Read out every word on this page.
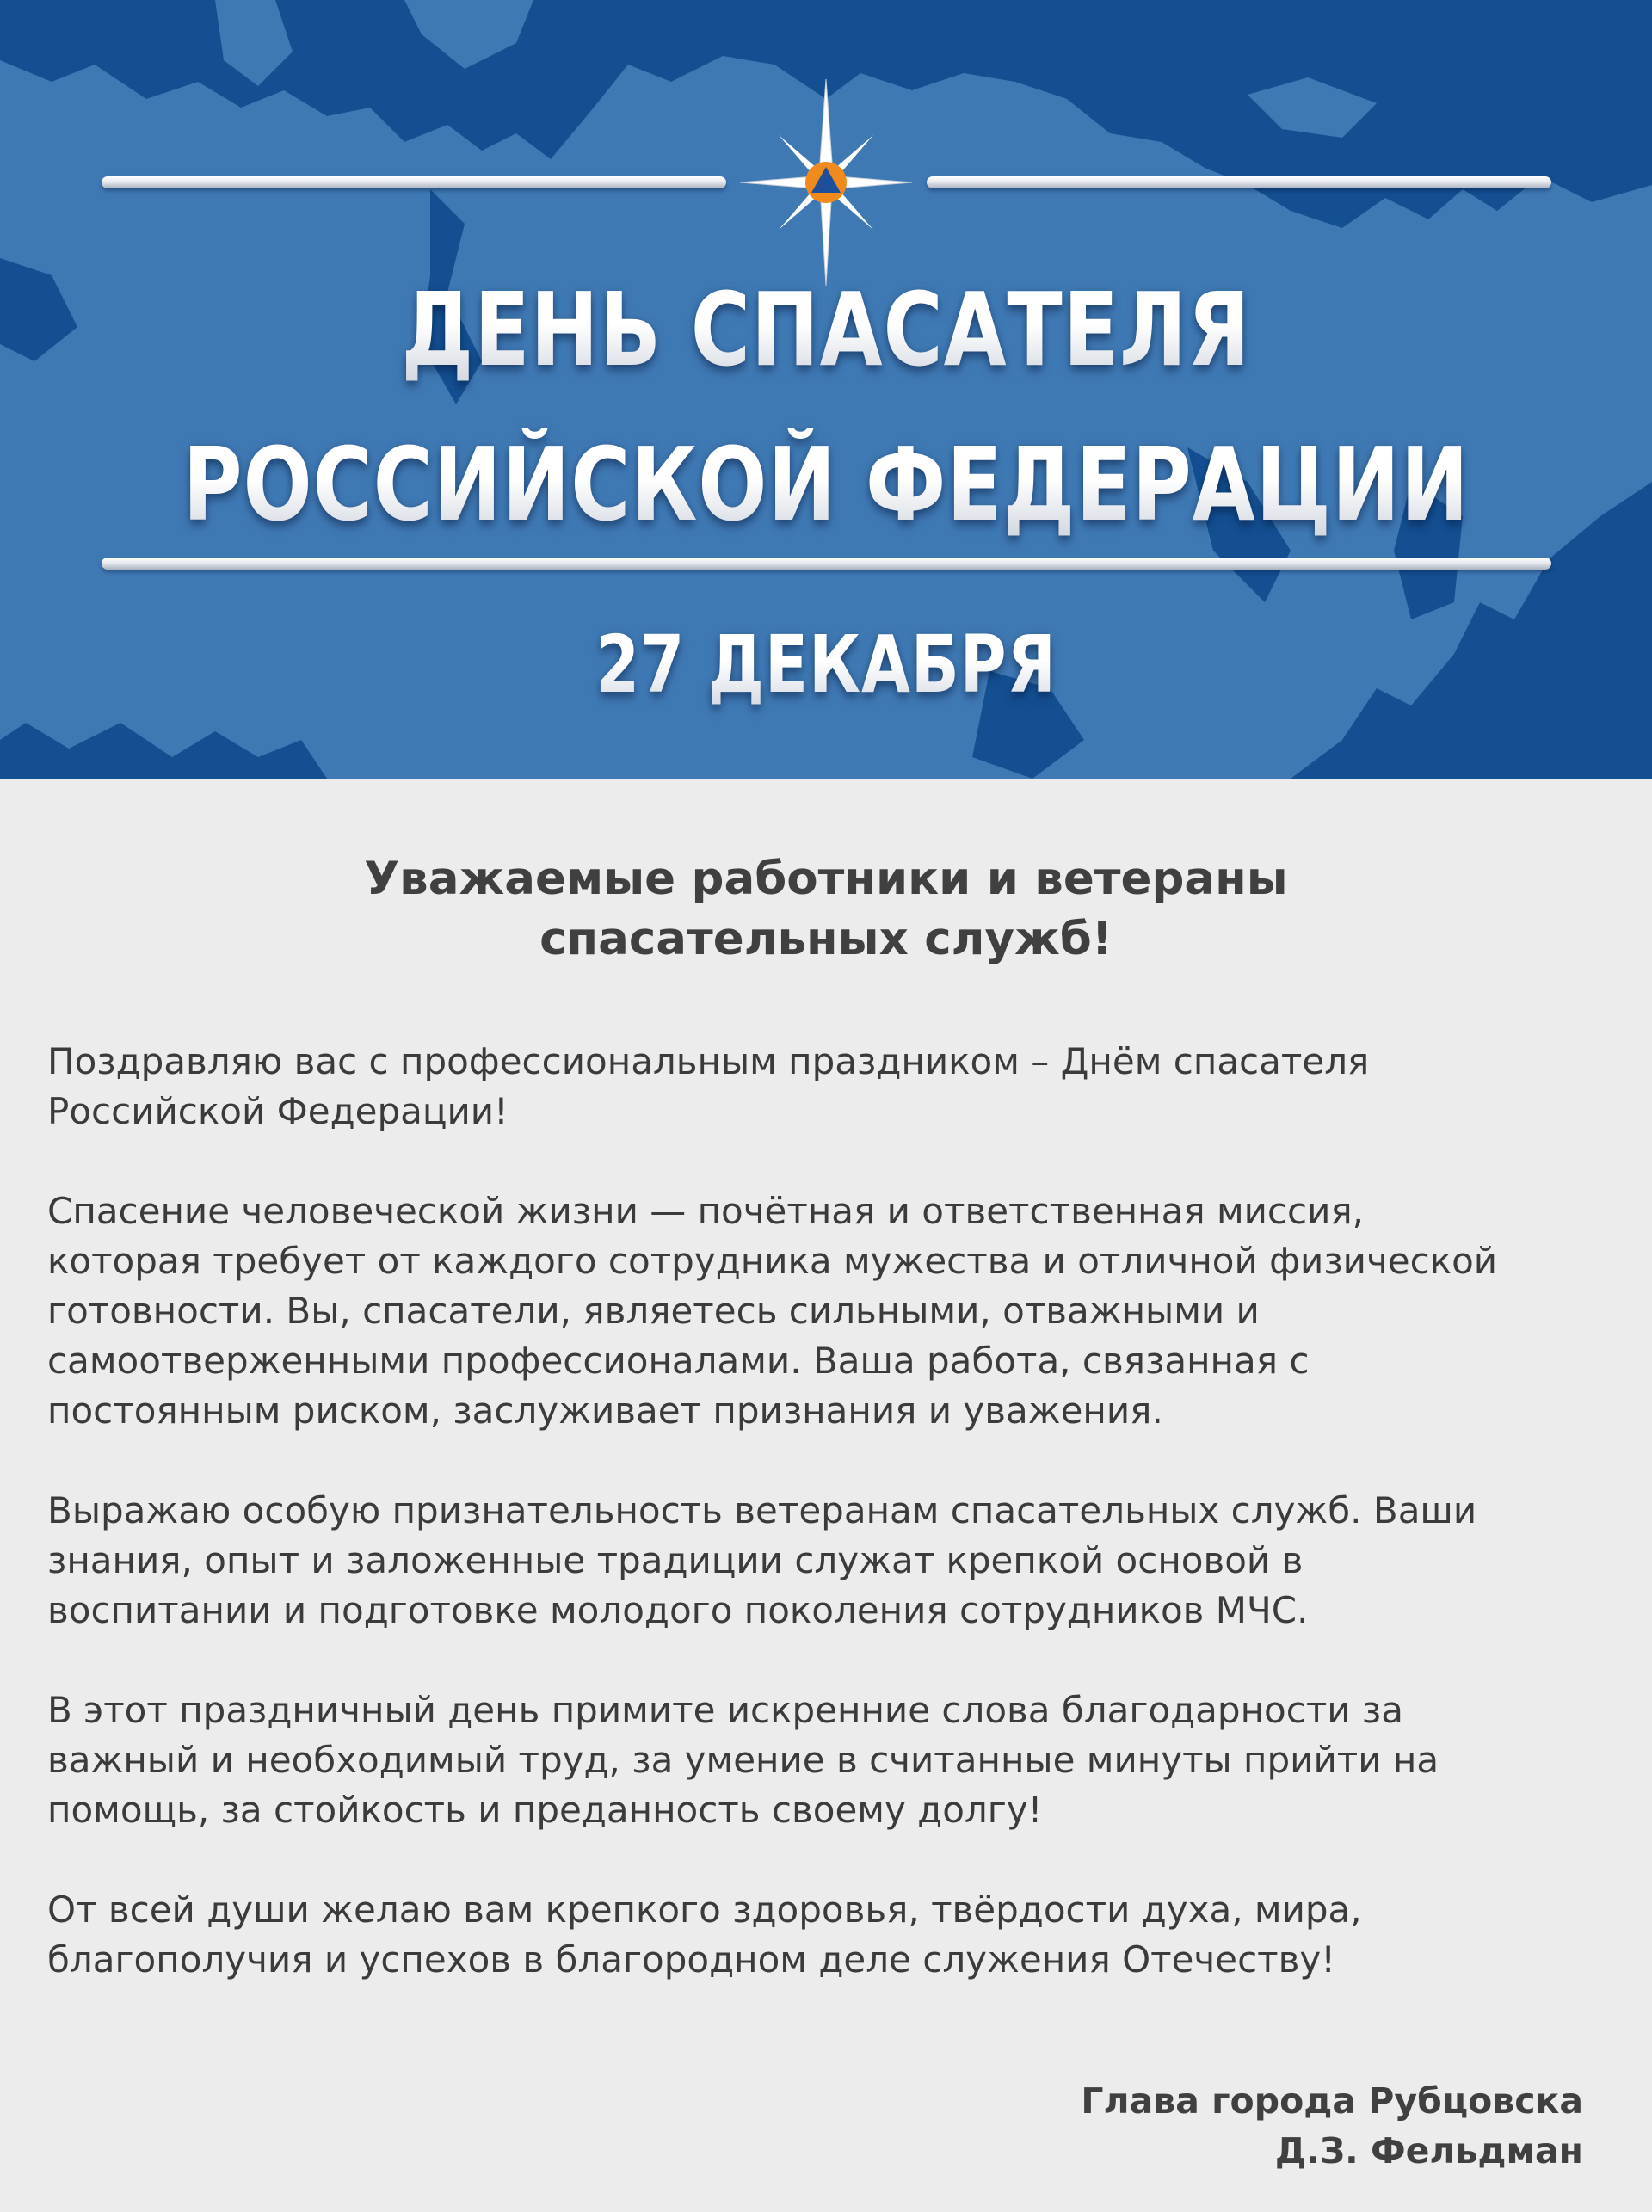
ДЕНЬ СПАСАТЕЛЯ
РОССИЙСКОЙ ФЕДЕРАЦИИ
27 ДЕКАБРЯ
Уважаемые работники и ветераны
спасательных служб!
Поздравляю вас с профессиональным праздником – Днём спасателя
Российской Федерации!
Спасение человеческой жизни — почётная и ответственная миссия,
которая требует от каждого сотрудника мужества и отличной физической
готовности. Вы, спасатели, являетесь сильными, отважными и
самоотверженными профессионалами. Ваша работа, связанная с
постоянным риском, заслуживает признания и уважения.
Выражаю особую признательность ветеранам спасательных служб. Ваши
знания, опыт и заложенные традиции служат крепкой основой в
воспитании и подготовке молодого поколения сотрудников МЧС.
В этот праздничный день примите искренние слова благодарности за
важный и необходимый труд, за умение в считанные минуты прийти на
помощь, за стойкость и преданность своему долгу!
От всей души желаю вам крепкого здоровья, твёрдости духа, мира,
благополучия и успехов в благородном деле служения Отечеству!
Глава города Рубцовска
Д.З. Фельдман
